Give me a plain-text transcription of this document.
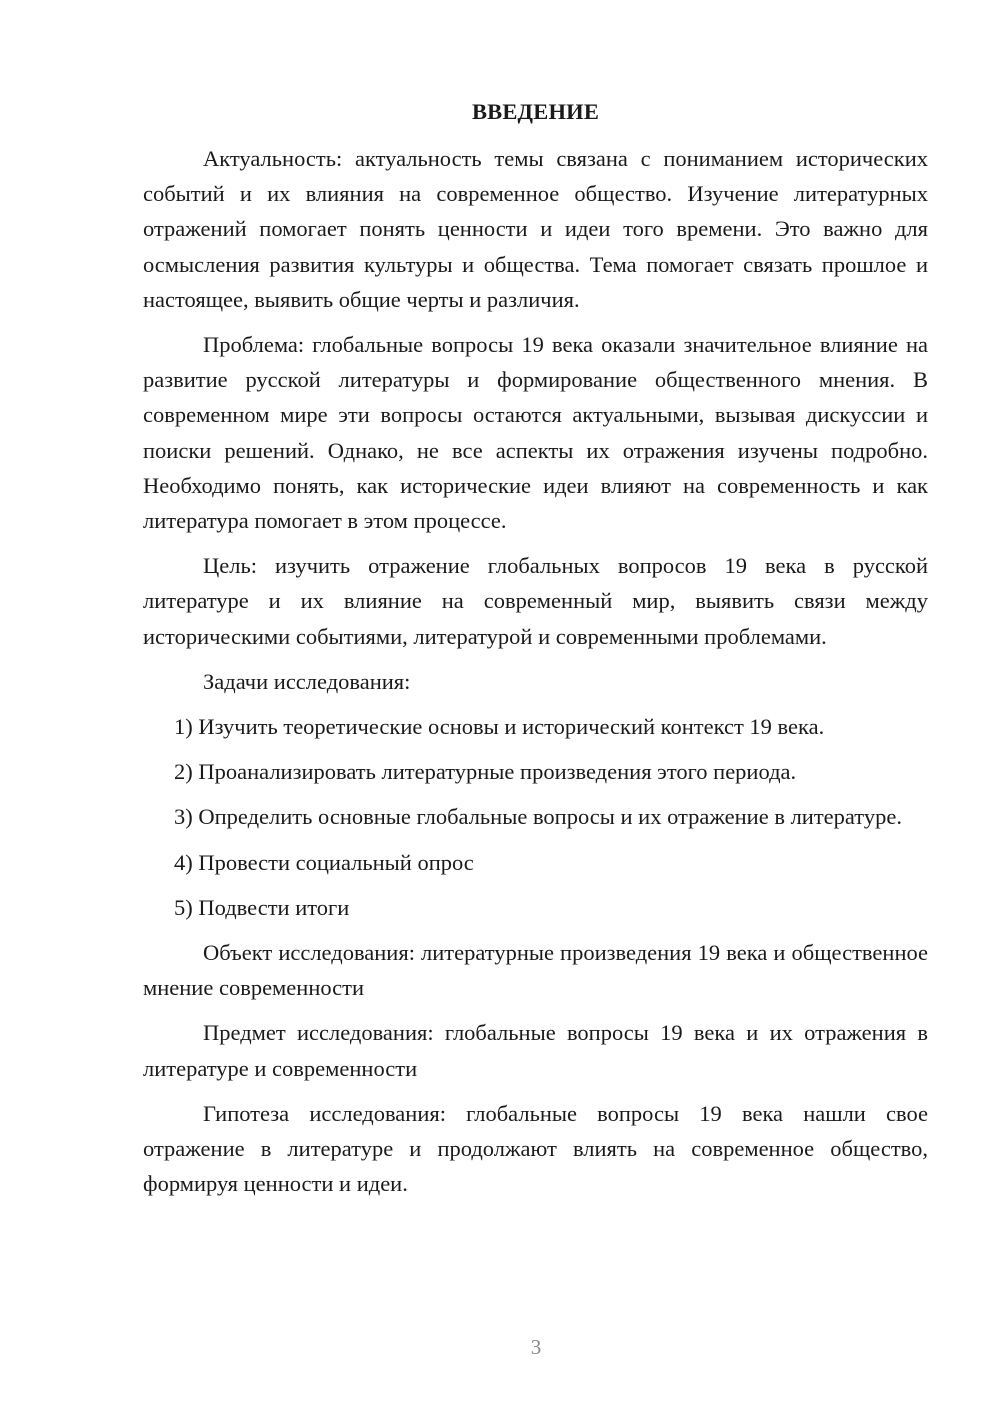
ВВЕДЕНИЕ

Актуальность: актуальность темы связана с пониманием исторических событий и их влияния на современное общество. Изучение литературных отражений помогает понять ценности и идеи того времени. Это важно для осмысления развития культуры и общества. Тема помогает связать прошлое и настоящее, выявить общие черты и различия.

Проблема: глобальные вопросы 19 века оказали значительное влияние на развитие русской литературы и формирование общественного мнения. В современном мире эти вопросы остаются актуальными, вызывая дискуссии и поиски решений. Однако, не все аспекты их отражения изучены подробно. Необходимо понять, как исторические идеи влияют на современность и как литература помогает в этом процессе.

Цель: изучить отражение глобальных вопросов 19 века в русской литературе и их влияние на современный мир, выявить связи между историческими событиями, литературой и современными проблемами.

Задачи исследования:

1) Изучить теоретические основы и исторический контекст 19 века.

2) Проанализировать литературные произведения этого периода.

3) Определить основные глобальные вопросы и их отражение в литературе.

4) Провести социальный опрос

5) Подвести итоги

Объект исследования: литературные произведения 19 века и общественное мнение современности

Предмет исследования: глобальные вопросы 19 века и их отражения в литературе и современности

Гипотеза исследования: глобальные вопросы 19 века нашли свое отражение в литературе и продолжают влиять на современное общество, формируя ценности и идеи.

3
